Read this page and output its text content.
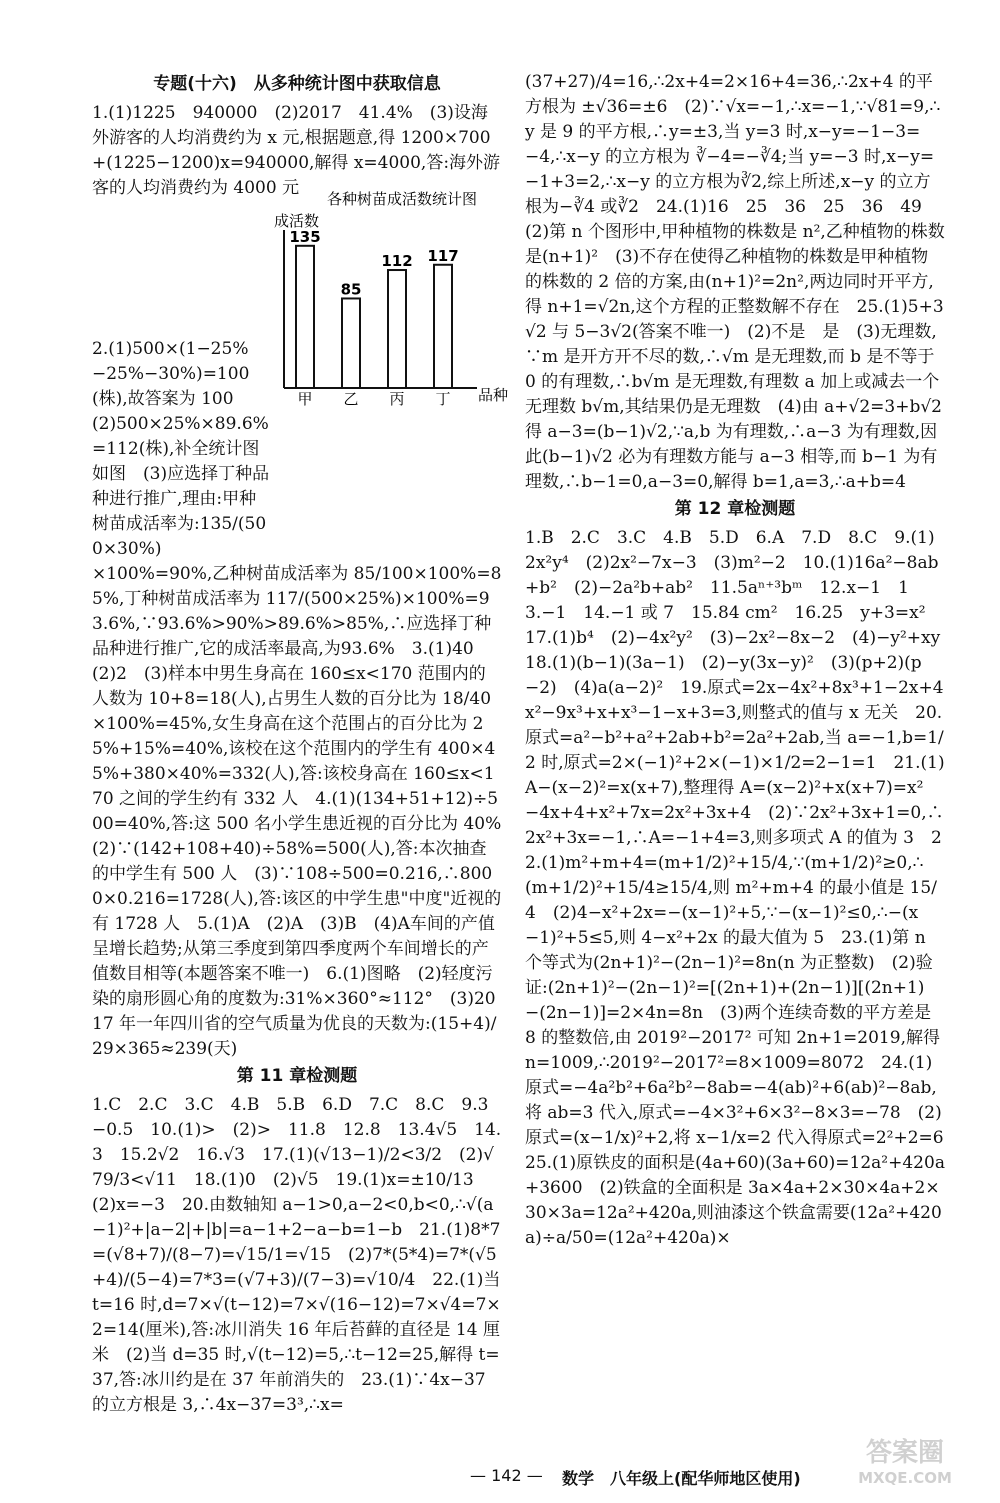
专题(十六)　从多种统计图中获取信息

1.(1)1225　940000　(2)2017　41.4%　(3)设海外游客的人均消费约为 x 元,根据题意,得 1200×700+(1225−1200)x=940000,解得 x=4000,答:海外游客的人均消费约为 4000 元

2.(1)500×(1−25%−25%−30%)=100(株),故答案为 100　(2)500×25%×89.6%=112(株),补全统计图如图　(3)应选择丁种品种进行推广,理由:甲种树苗成活率为:135/(500×30%)

×100%=90%,乙种树苗成活率为 85/100×100%=85%,丁种树苗成活率为 117/(500×25%)×100%=93.6%,∵93.6%>90%>89.6%>85%,∴应选择丁种品种进行推广,它的成活率最高,为93.6%　3.(1)40　(2)2　(3)样本中男生身高在 160≤x<170 范围内的人数为 10+8=18(人),占男生人数的百分比为 18/40×100%=45%,女生身高在这个范围占的百分比为 25%+15%=40%,该校在这个范围内的学生有 400×45%+380×40%=332(人),答:该校身高在 160≤x<170 之间的学生约有 332 人　4.(1)(134+51+12)÷500=40%,答:这 500 名小学生患近视的百分比为 40%　(2)∵(142+108+40)÷58%=500(人),答:本次抽查的中学生有 500 人　(3)∵108÷500=0.216,∴8000×0.216=1728(人),答:该区的中学生患"中度"近视的有 1728 人　5.(1)A　(2)A　(3)B　(4)A车间的产值呈增长趋势;从第三季度到第四季度两个车间增长的产值数目相等(本题答案不唯一)　6.(1)图略　(2)轻度污染的扇形圆心角的度数为:31%×360°≈112°　(3)2017 年一年四川省的空气质量为优良的天数为:(15+4)/29×365≈239(天)

第 11 章检测题

1.C　2.C　3.C　4.B　5.B　6.D　7.C　8.C　9.3　−0.5　10.(1)>　(2)>　11.8　12.8　13.4√5　14.3　15.2√2　16.√3　17.(1)(√13−1)/2<3/2　(2)√79/3<√11　18.(1)0　(2)√5　19.(1)x=±10/13　(2)x=−3　20.由数轴知 a−1>0,a−2<0,b<0,∴√(a−1)²+|a−2|+|b|=a−1+2−a−b=1−b　21.(1)8*7=(√8+7)/(8−7)=√15/1=√15　(2)7*(5*4)=7*(√5+4)/(5−4)=7*3=(√7+3)/(7−3)=√10/4　22.(1)当 t=16 时,d=7×√(t−12)=7×√(16−12)=7×√4=7×2=14(厘米),答:冰川消失 16 年后苔藓的直径是 14 厘米　(2)当 d=35 时,√(t−12)=5,∴t−12=25,解得 t=37,答:冰川约是在 37 年前消失的　23.(1)∵4x−37 的立方根是 3,∴4x−37=3³,∴x=

各种树苗成活数统计图
成活数
品种
135
甲
85
乙
112
丙
117
丁

(37+27)/4=16,∴2x+4=2×16+4=36,∴2x+4 的平方根为 ±√36=±6　(2)∵√x=−1,∴x=−1,∵√81=9,∴y 是 9 的平方根,∴y=±3,当 y=3 时,x−y=−1−3=−4,∴x−y 的立方根为 ∛−4=−∛4;当 y=−3 时,x−y=−1+3=2,∴x−y 的立方根为∛2,综上所述,x−y 的立方根为−∛4 或∛2　24.(1)16　25　36　25　36　49　(2)第 n 个图形中,甲种植物的株数是 n²,乙种植物的株数是(n+1)²　(3)不存在使得乙种植物的株数是甲种植物的株数的 2 倍的方案,由(n+1)²=2n²,两边同时开平方,得 n+1=√2n,这个方程的正整数解不存在　25.(1)5+3√2 与 5−3√2(答案不唯一)　(2)不是　是　(3)无理数,∵m 是开方开不尽的数,∴√m 是无理数,而 b 是不等于 0 的有理数,∴b√m 是无理数,有理数 a 加上或减去一个无理数 b√m,其结果仍是无理数　(4)由 a+√2=3+b√2 得 a−3=(b−1)√2,∵a,b 为有理数,∴a−3 为有理数,因此(b−1)√2 必为有理数方能与 a−3 相等,而 b−1 为有理数,∴b−1=0,a−3=0,解得 b=1,a=3,∴a+b=4

第 12 章检测题

1.B　2.C　3.C　4.B　5.D　6.A　7.D　8.C　9.(1)2x²y⁴　(2)2x²−7x−3　(3)m²−2　10.(1)16a²−8ab+b²　(2)−2a²b+ab²　11.5aⁿ⁺³bᵐ　12.x−1　13.−1　14.−1 或 7　15.84 cm²　16.25　y+3=x²　17.(1)b⁴　(2)−4x²y²　(3)−2x²−8x−2　(4)−y²+xy　18.(1)(b−1)(3a−1)　(2)−y(3x−y)²　(3)(p+2)(p−2)　(4)a(a−2)²　19.原式=2x−4x²+8x³+1−2x+4x²−9x³+x+x³−1−x+3=3,则整式的值与 x 无关　20.原式=a²−b²+a²+2ab+b²=2a²+2ab,当 a=−1,b=1/2 时,原式=2×(−1)²+2×(−1)×1/2=2−1=1　21.(1)A−(x−2)²=x(x+7),整理得 A=(x−2)²+x(x+7)=x²−4x+4+x²+7x=2x²+3x+4　(2)∵2x²+3x+1=0,∴2x²+3x=−1,∴A=−1+4=3,则多项式 A 的值为 3　22.(1)m²+m+4=(m+1/2)²+15/4,∵(m+1/2)²≥0,∴(m+1/2)²+15/4≥15/4,则 m²+m+4 的最小值是 15/4　(2)4−x²+2x=−(x−1)²+5,∵−(x−1)²≤0,∴−(x−1)²+5≤5,则 4−x²+2x 的最大值为 5　23.(1)第 n 个等式为(2n+1)²−(2n−1)²=8n(n 为正整数)　(2)验证:(2n+1)²−(2n−1)²=[(2n+1)+(2n−1)][(2n+1)−(2n−1)]=2×4n=8n　(3)两个连续奇数的平方差是 8 的整数倍,由 2019²−2017² 可知 2n+1=2019,解得 n=1009,∴2019²−2017²=8×1009=8072　24.(1)原式=−4a²b²+6a²b²−8ab=−4(ab)²+6(ab)²−8ab,将 ab=3 代入,原式=−4×3²+6×3²−8×3=−78　(2)原式=(x−1/x)²+2,将 x−1/x=2 代入得原式=2²+2=6　25.(1)原铁皮的面积是(4a+60)(3a+60)=12a²+420a+3600　(2)铁盒的全面积是 3a×4a+2×30×4a+2×30×3a=12a²+420a,则油漆这个铁盒需要(12a²+420a)÷a/50=(12a²+420a)×

— 142 — 数学　八年级上(配华师地区使用)
答案圈
MXQE.COM
